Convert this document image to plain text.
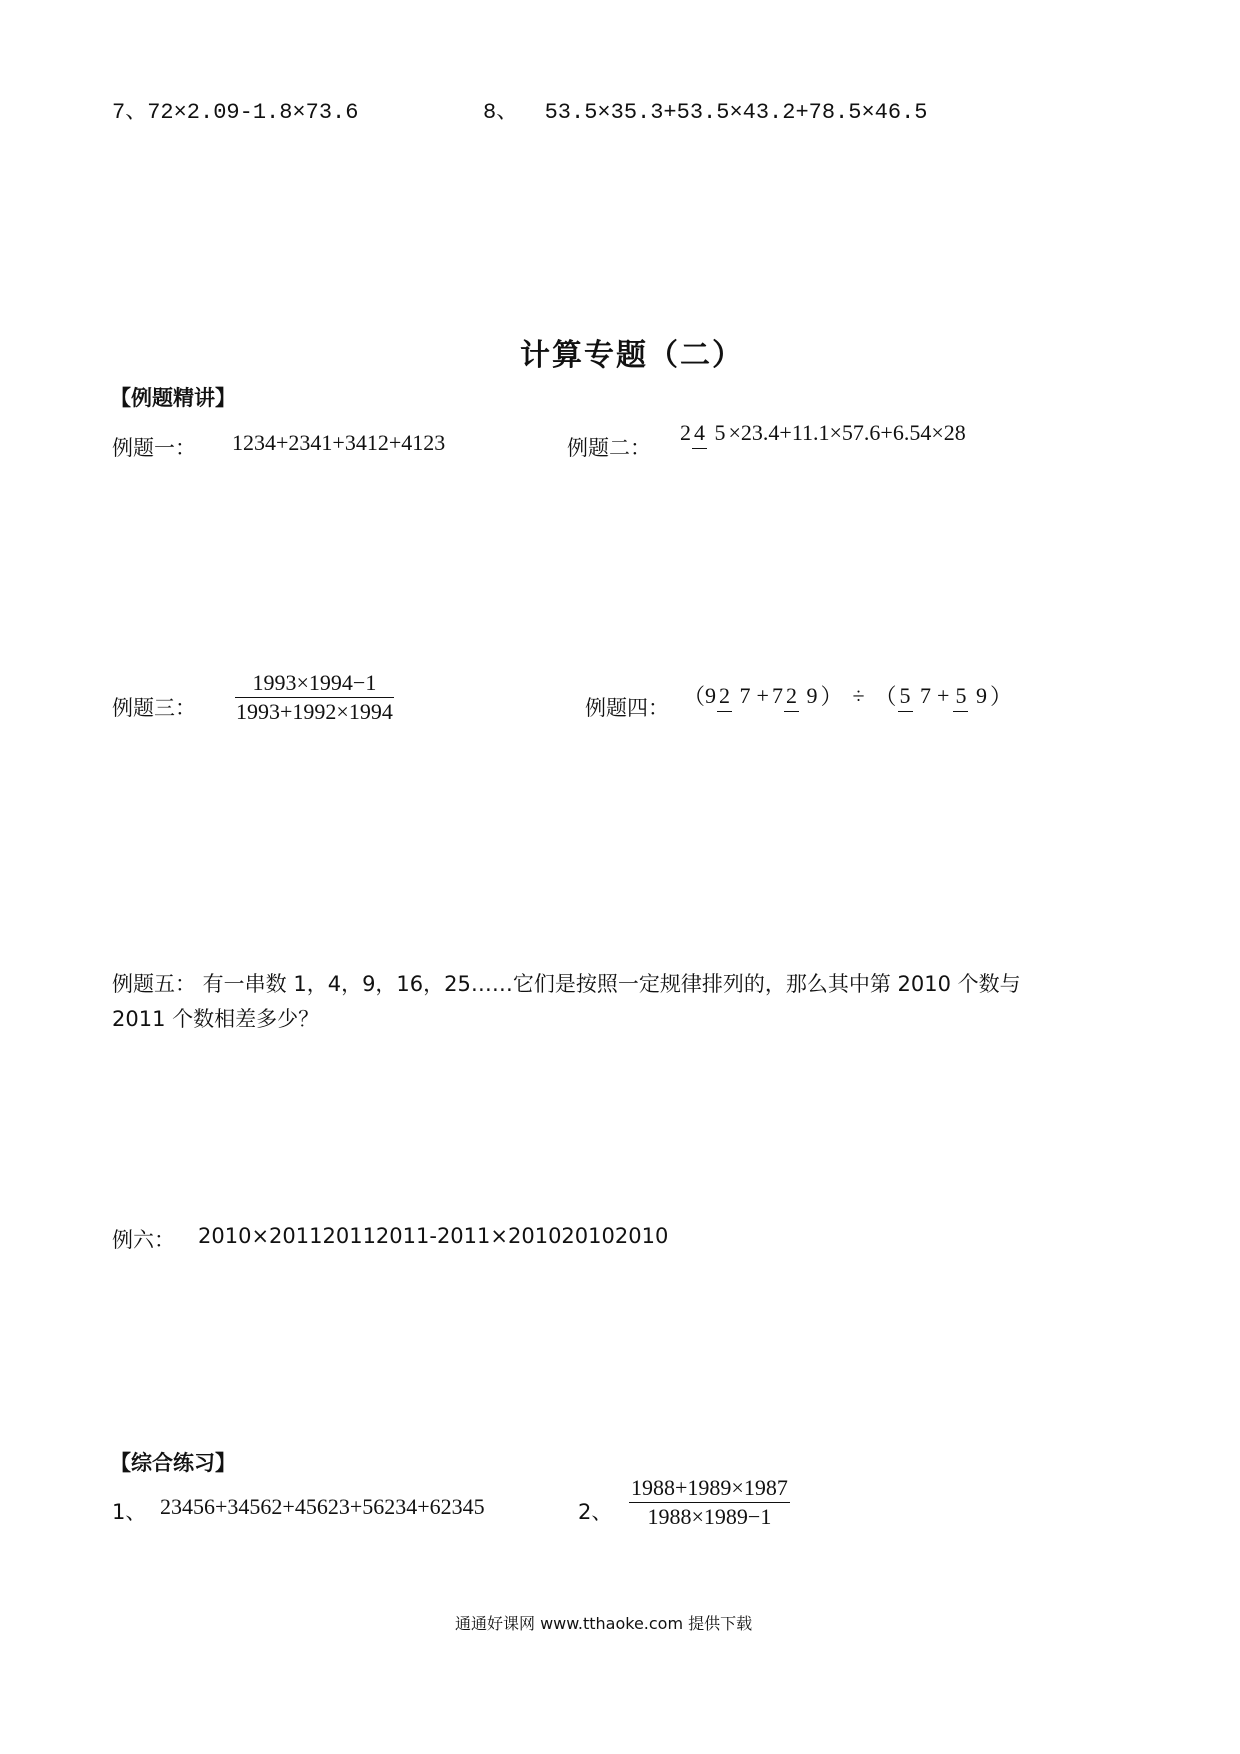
7、72×2.09-1.8×73.6	8、 53.5×35.3+53.5×43.2+78.5×46.5
计算专题（二）
【例题精讲】
例题一： 1234+2341+3412+4123	例题二：
2 4 5 ×23.4+11.1×57.6+6.54×28
例题三： $\frac{1993\times 1994-1}{1993+1992\times 1994}$	例题四： （ 9 2 7 + 7 2 9 ） ÷ （ 5 7 + 5 9 ）
例题五： 有一串数 1，4，9，16，25……它们是按照一定规律排列的，那么其中第 2010 个数与
2011 个数相差多少？
例六： 2010×201120112011-2011×201020102010
【综合练习】
1、 23456+34562+45623+56234+62345	2、 $\frac{1988+1989\times 1987}{1988\times 1989-1}$
通通好课网 www.tthaoke.com 提供下载
